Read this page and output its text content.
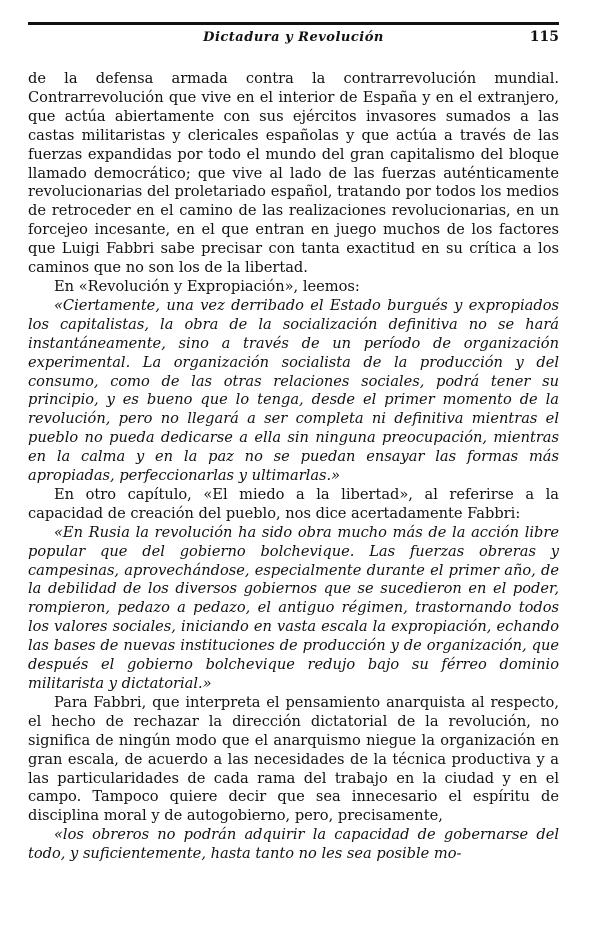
Dictadura y Revolución	115

de la defensa armada contra la contrarrevolución mundial. Contrarrevolución que vive en el interior de España y en el extranjero, que actúa abiertamente con sus ejércitos invasores sumados a las castas militaristas y clericales españolas y que actúa a través de las fuerzas expandidas por todo el mundo del gran capitalismo del bloque llamado democrático; que vive al lado de las fuerzas auténticamente revolucionarias del proletariado español, tratando por todos los medios de retroceder en el camino de las realizaciones revolucionarias, en un forcejeo incesante, en el que entran en juego muchos de los factores que Luigi Fabbri sabe precisar con tanta exactitud en su crítica a los caminos que no son los de la libertad.

En «Revolución y Expropiación», leemos:

«Ciertamente, una vez derribado el Estado burgués y expropiados los capitalistas, la obra de la socialización definitiva no se hará instantáneamente, sino a través de un período de organización experimental. La organización socialista de la producción y del consumo, como de las otras relaciones sociales, podrá tener su principio, y es bueno que lo tenga, desde el primer momento de la revolución, pero no llegará a ser completa ni definitiva mientras el pueblo no pueda dedicarse a ella sin ninguna preocupación, mientras en la calma y en la paz no se puedan ensayar las formas más apropiadas, perfeccionarlas y ultimarlas.»

En otro capítulo, «El miedo a la libertad», al referirse a la capacidad de creación del pueblo, nos dice acertadamente Fabbri:

«En Rusia la revolución ha sido obra mucho más de la acción libre popular que del gobierno bolchevique. Las fuerzas obreras y campesinas, aprovechándose, especialmente durante el primer año, de la debilidad de los diversos gobiernos que se sucedieron en el poder, rompieron, pedazo a pedazo, el antiguo régimen, trastornando todos los valores sociales, iniciando en vasta escala la expropiación, echando las bases de nuevas instituciones de producción y de organización, que después el gobierno bolchevique redujo bajo su férreo dominio militarista y dictatorial.»

Para Fabbri, que interpreta el pensamiento anarquista al respecto, el hecho de rechazar la dirección dictatorial de la revolución, no significa de ningún modo que el anarquismo niegue la organización en gran escala, de acuerdo a las necesidades de la técnica productiva y a las particularidades de cada rama del trabajo en la ciudad y en el campo. Tampoco quiere decir que sea innecesario el espíritu de disciplina moral y de autogobierno, pero, precisamente,

«los obreros no podrán adquirir la capacidad de gobernarse del todo, y suficientemente, hasta tanto no les sea posible mo-
